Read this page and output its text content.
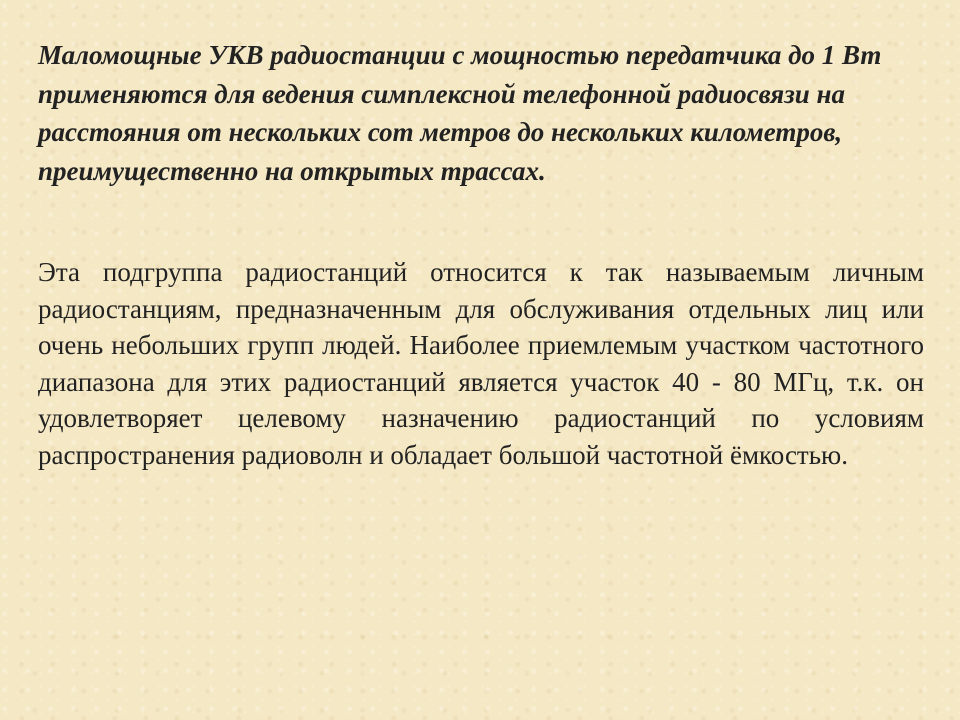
Маломощные УКВ радиостанции с мощностью передатчика до 1 Вт применяются для ведения симплексной телефонной радиосвязи на расстояния от нескольких сот метров до нескольких километров, преимущественно на открытых трассах.

Эта подгруппа радиостанций относится к так называемым личным радиостанциям, предназначенным для обслуживания отдельных лиц или очень небольших групп людей. Наиболее приемлемым участком частотного диапазона для этих радиостанций является участок 40 - 80 МГц, т.к. он удовлетворяет целевому назначению радиостанций по условиям распространения радиоволн и обладает большой частотной ёмкостью.
